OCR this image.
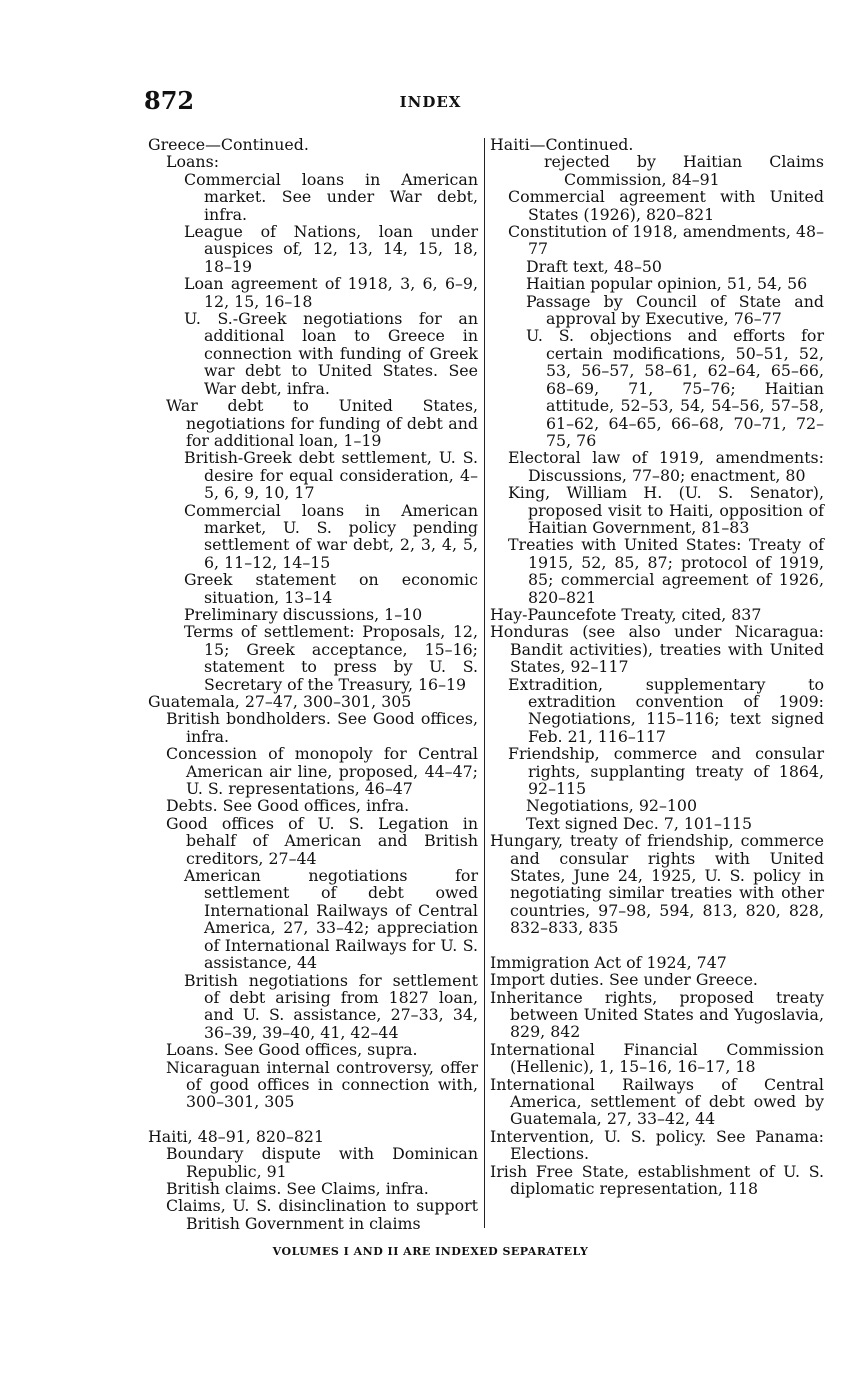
872	INDEX
Greece—Continued.
Loans:
Commercial loans in American market. See under War debt, infra.
League of Nations, loan under auspices of, 12, 13, 14, 15, 18, 18–19
Loan agreement of 1918, 3, 6, 6–9, 12, 15, 16–18
U. S.-Greek negotiations for an additional loan to Greece in connection with funding of Greek war debt to United States. See War debt, infra.
War debt to United States, negotiations for funding of debt and for additional loan, 1–19
British-Greek debt settlement, U. S. desire for equal consideration, 4–5, 6, 9, 10, 17
Commercial loans in American market, U. S. policy pending settlement of war debt, 2, 3, 4, 5, 6, 11–12, 14–15
Greek statement on economic situation, 13–14
Preliminary discussions, 1–10
Terms of settlement: Proposals, 12, 15; Greek acceptance, 15–16; statement to press by U. S. Secretary of the Treasury, 16–19
Guatemala, 27–47, 300–301, 305
British bondholders. See Good offices, infra.
Concession of monopoly for Central American air line, proposed, 44–47; U. S. representations, 46–47
Debts. See Good offices, infra.
Good offices of U. S. Legation in behalf of American and British creditors, 27–44
American negotiations for settlement of debt owed International Railways of Central America, 27, 33–42; appreciation of International Railways for U. S. assistance, 44
British negotiations for settlement of debt arising from 1827 loan, and U. S. assistance, 27–33, 34, 36–39, 39–40, 41, 42–44
Loans. See Good offices, supra.
Nicaraguan internal controversy, offer of good offices in connection with, 300–301, 305
Haiti, 48–91, 820–821
Boundary dispute with Dominican Republic, 91
British claims. See Claims, infra.
Claims, U. S. disinclination to support British Government in claims
Haiti—Continued.
rejected by Haitian Claims Commission, 84–91
Commercial agreement with United States (1926), 820–821
Constitution of 1918, amendments, 48–77
Draft text, 48–50
Haitian popular opinion, 51, 54, 56
Passage by Council of State and approval by Executive, 76–77
U. S. objections and efforts for certain modifications, 50–51, 52, 53, 56–57, 58–61, 62–64, 65–66, 68–69, 71, 75–76; Haitian attitude, 52–53, 54, 54–56, 57–58, 61–62, 64–65, 66–68, 70–71, 72–75, 76
Electoral law of 1919, amendments: Discussions, 77–80; enactment, 80
King, William H. (U. S. Senator), proposed visit to Haiti, opposition of Haitian Government, 81–83
Treaties with United States: Treaty of 1915, 52, 85, 87; protocol of 1919, 85; commercial agreement of 1926, 820–821
Hay-Pauncefote Treaty, cited, 837
Honduras (see also under Nicaragua: Bandit activities), treaties with United States, 92–117
Extradition, supplementary to extradition convention of 1909: Negotiations, 115–116; text signed Feb. 21, 116–117
Friendship, commerce and consular rights, supplanting treaty of 1864, 92–115
Negotiations, 92–100
Text signed Dec. 7, 101–115
Hungary, treaty of friendship, commerce and consular rights with United States, June 24, 1925, U. S. policy in negotiating similar treaties with other countries, 97–98, 594, 813, 820, 828, 832–833, 835
Immigration Act of 1924, 747
Import duties. See under Greece.
Inheritance rights, proposed treaty between United States and Yugoslavia, 829, 842
International Financial Commission (Hellenic), 1, 15–16, 16–17, 18
International Railways of Central America, settlement of debt owed by Guatemala, 27, 33–42, 44
Intervention, U. S. policy. See Panama: Elections.
Irish Free State, establishment of U. S. diplomatic representation, 118
VOLUMES I AND II ARE INDEXED SEPARATELY
